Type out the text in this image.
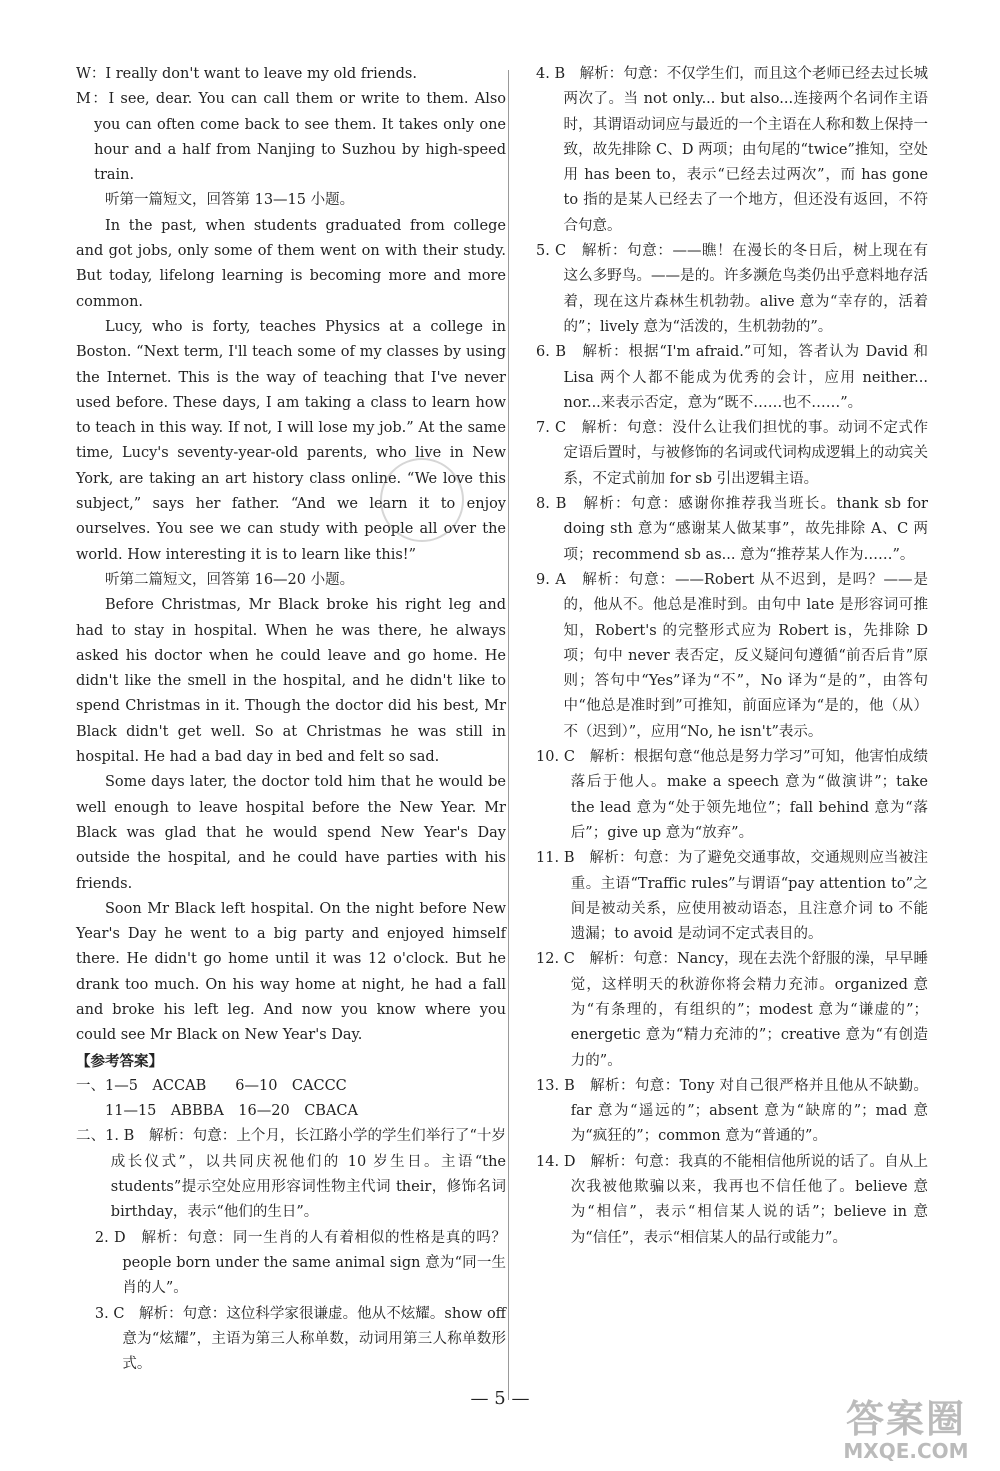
W：I really don't want to leave my old friends.

M：I see, dear. You can call them or write to them. Also you can often come back to see them. It takes only one hour and a half from Nanjing to Suzhou by high-speed train.

听第一篇短文，回答第 13—15 小题。

In the past, when students graduated from college and got jobs, only some of them went on with their study. But today, lifelong learning is becoming more and more common.

Lucy, who is forty, teaches Physics at a college in Boston. “Next term, I'll teach some of my classes by using the Internet. This is the way of teaching that I've never used before. These days, I am taking a class to learn how to teach in this way. If not, I will lose my job.” At the same time, Lucy's seventy-year-old parents, who live in New York, are taking an art history class online. “We love this subject,” says her father. “And we learn it to enjoy ourselves. You see we can study with people all over the world. How interesting it is to learn like this!”

听第二篇短文，回答第 16—20 小题。

Before Christmas, Mr Black broke his right leg and had to stay in hospital. When he was there, he always asked his doctor when he could leave and go home. He didn't like the smell in the hospital, and he didn't like to spend Christmas in it. Though the doctor did his best, Mr Black didn't get well. So at Christmas he was still in hospital. He had a bad day in bed and felt so sad.

Some days later, the doctor told him that he would be well enough to leave hospital before the New Year. Mr Black was glad that he would spend New Year's Day outside the hospital, and he could have parties with his friends.

Soon Mr Black left hospital. On the night before New Year's Day he went to a big party and enjoyed himself there. He didn't go home until it was 12 o'clock. But he drank too much. On his way home at night, he had a fall and broke his left leg. And now you know where you could see Mr Black on New Year's Day.

【参考答案】

一、1—5　ACCAB　　6—10　CACCC

11—15　ABBBA　16—20　CBACA

二、1. B　解析：句意：上个月，长江路小学的学生们举行了“十岁成长仪式”，以共同庆祝他们的 10 岁生日。主语“the students”提示空处应用形容词性物主代词 their，修饰名词 birthday，表示“他们的生日”。

2. D　解析：句意：同一生肖的人有着相似的性格是真的吗？ people born under the same animal sign 意为“同一生肖的人”。

3. C　解析：句意：这位科学家很谦虚。他从不炫耀。show off 意为“炫耀”，主语为第三人称单数，动词用第三人称单数形式。

4. B　解析：句意：不仅学生们，而且这个老师已经去过长城两次了。当 not only... but also...连接两个名词作主语时，其谓语动词应与最近的一个主语在人称和数上保持一致，故先排除 C、D 两项；由句尾的“twice”推知，空处用 has been to，表示“已经去过两次”，而 has gone to 指的是某人已经去了一个地方，但还没有返回，不符合句意。

5. C　解析：句意：——瞧！在漫长的冬日后，树上现在有这么多野鸟。——是的。许多濒危鸟类仍出乎意料地存活着，现在这片森林生机勃勃。alive 意为“幸存的，活着的”；lively 意为“活泼的，生机勃勃的”。

6. B　解析：根据“I'm afraid.”可知，答者认为 David 和 Lisa 两个人都不能成为优秀的会计，应用 neither... nor...来表示否定，意为“既不……也不……”。

7. C　解析：句意：没什么让我们担忧的事。动词不定式作定语后置时，与被修饰的名词或代词构成逻辑上的动宾关系，不定式前加 for sb 引出逻辑主语。

8. B　解析：句意：感谢你推荐我当班长。thank sb for doing sth 意为“感谢某人做某事”，故先排除 A、C 两项；recommend sb as... 意为“推荐某人作为……”。

9. A　解析：句意：——Robert 从不迟到，是吗？——是的，他从不。他总是准时到。由句中 late 是形容词可推知，Robert's 的完整形式应为 Robert is，先排除 D 项；句中 never 表否定，反义疑问句遵循“前否后肯”原则；答句中“Yes”译为“不”，No 译为“是的”，由答句中“他总是准时到”可推知，前面应译为“是的，他（从）不（迟到）”，应用“No, he isn't”表示。

10. C　解析：根据句意“他总是努力学习”可知，他害怕成绩落后于他人。make a speech 意为“做演讲”；take the lead 意为“处于领先地位”；fall behind 意为“落后”；give up 意为“放弃”。

11. B　解析：句意：为了避免交通事故，交通规则应当被注重。主语“Traffic rules”与谓语“pay attention to”之间是被动关系，应使用被动语态，且注意介词 to 不能遗漏；to avoid 是动词不定式表目的。

12. C　解析：句意：Nancy，现在去洗个舒服的澡，早早睡觉，这样明天的秋游你将会精力充沛。organized 意为“有条理的，有组织的”；modest 意为“谦虚的”；energetic 意为“精力充沛的”；creative 意为“有创造力的”。

13. B　解析：句意：Tony 对自己很严格并且他从不缺勤。far 意为“遥远的”；absent 意为“缺席的”；mad 意为“疯狂的”；common 意为“普通的”。

14. D　解析：句意：我真的不能相信他所说的话了。自从上次我被他欺骗以来，我再也不信任他了。believe 意为“相信”，表示“相信某人说的话”；believe in 意为“信任”，表示“相信某人的品行或能力”。

— 5 —	答案圈
MXQE.COM
